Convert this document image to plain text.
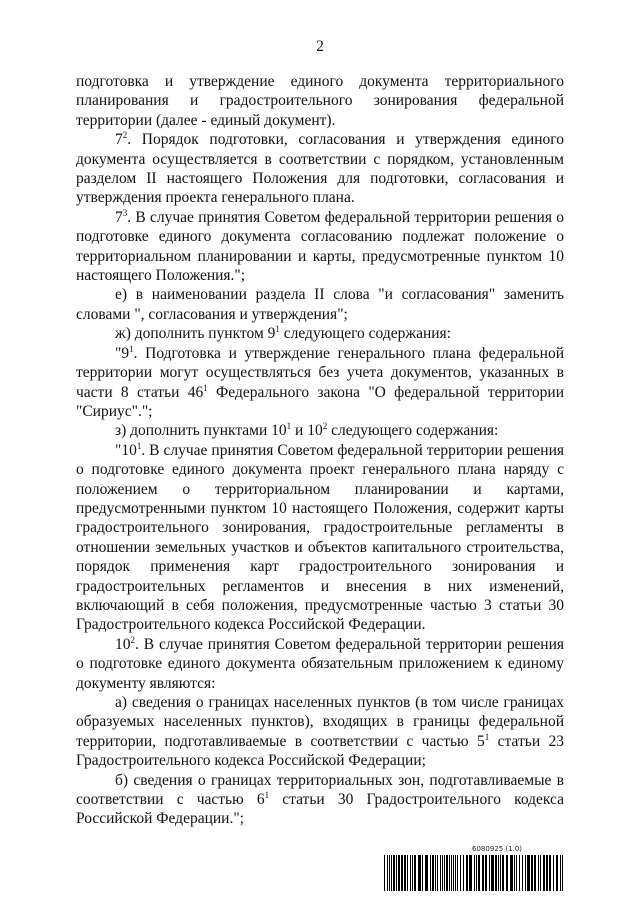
2

подготовка и утверждение единого документа территориального планирования и градостроительного зонирования федеральной территории (далее - единый документ).

$7^2$. Порядок подготовки, согласования и утверждения единого документа осуществляется в соответствии с порядком, установленным разделом II настоящего Положения для подготовки, согласования и утверждения проекта генерального плана.

$7^3$. В случае принятия Советом федеральной территории решения о подготовке единого документа согласованию подлежат положение о территориальном планировании и карты, предусмотренные пунктом 10 настоящего Положения.";

е) в наименовании раздела II слова "и согласования" заменить словами ", согласования и утверждения";

ж) дополнить пунктом $9^1$ следующего содержания:

"$9^1$. Подготовка и утверждение генерального плана федеральной территории могут осуществляться без учета документов, указанных в части 8 статьи $46^1$ Федерального закона "О федеральной территории "Сириус".";

з) дополнить пунктами $10^1$ и $10^2$ следующего содержания:

"$10^1$. В случае принятия Советом федеральной территории решения о подготовке единого документа проект генерального плана наряду с положением о территориальном планировании и картами, предусмотренными пунктом 10 настоящего Положения, содержит карты градостроительного зонирования, градостроительные регламенты в отношении земельных участков и объектов капитального строительства, порядок применения карт градостроительного зонирования и градостроительных регламентов и внесения в них изменений, включающий в себя положения, предусмотренные частью 3 статьи 30 Градостроительного кодекса Российской Федерации.

$10^2$. В случае принятия Советом федеральной территории решения о подготовке единого документа обязательным приложением к единому документу являются:

а) сведения о границах населенных пунктов (в том числе границах образуемых населенных пунктов), входящих в границы федеральной территории, подготавливаемые в соответствии с частью $5^1$ статьи 23 Градостроительного кодекса Российской Федерации;

б) сведения о границах территориальных зон, подготавливаемые в соответствии с частью $6^1$ статьи 30 Градостроительного кодекса Российской Федерации.";

6080925 (1.0)
